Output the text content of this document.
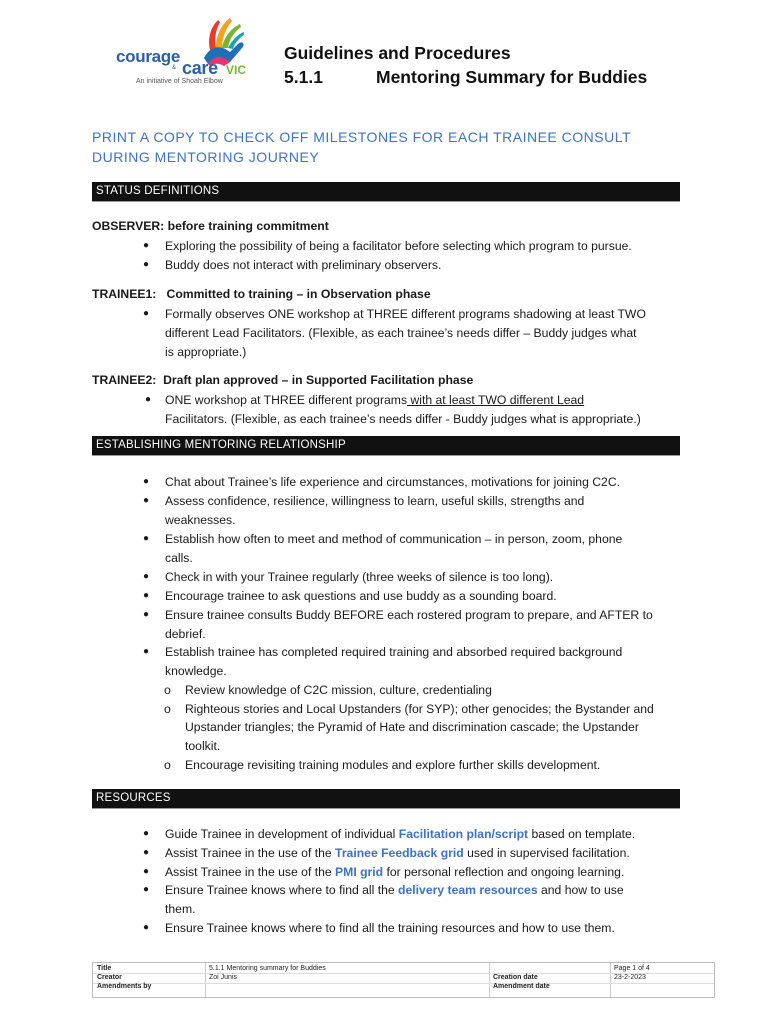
courage
& care VIC
An initiative of Shoah Elbow
Guidelines and Procedures
5.1.1	Mentoring Summary for Buddies
PRINT A COPY TO CHECK OFF MILESTONES FOR EACH TRAINEE CONSULT DURING MENTORING JOURNEY
STATUS DEFINITIONS
OBSERVER: before training commitment
● Exploring the possibility of being a facilitator before selecting which program to pursue.
● Buddy does not interact with preliminary observers.
TRAINEE1: Committed to training – in Observation phase
● Formally observes ONE workshop at THREE different programs shadowing at least TWO
different Lead Facilitators. (Flexible, as each trainee’s needs differ – Buddy judges what
is appropriate.)
TRAINEE2: Draft plan approved – in Supported Facilitation phase
● ONE workshop at THREE different programs with at least TWO different Lead
Facilitators. (Flexible, as each trainee’s needs differ - Buddy judges what is appropriate.)
ESTABLISHING MENTORING RELATIONSHIP
● Chat about Trainee’s life experience and circumstances, motivations for joining C2C.
● Assess confidence, resilience, willingness to learn, useful skills, strengths and
weaknesses.
● Establish how often to meet and method of communication – in person, zoom, phone
calls.
● Check in with your Trainee regularly (three weeks of silence is too long).
● Encourage trainee to ask questions and use buddy as a sounding board.
● Ensure trainee consults Buddy BEFORE each rostered program to prepare, and AFTER to
debrief.
● Establish trainee has completed required training and absorbed required background
knowledge.
o Review knowledge of C2C mission, culture, credentialing
o Righteous stories and Local Upstanders (for SYP); other genocides; the Bystander and
Upstander triangles; the Pyramid of Hate and discrimination cascade; the Upstander
toolkit.
o Encourage revisiting training modules and explore further skills development.
RESOURCES
● Guide Trainee in development of individual Facilitation plan/script based on template.
● Assist Trainee in the use of the Trainee Feedback grid used in supervised facilitation.
● Assist Trainee in the use of the PMI grid for personal reflection and ongoing learning.
● Ensure Trainee knows where to find all the delivery team resources and how to use
them.
● Ensure Trainee knows where to find all the training resources and how to use them.
Title
Creator
Amendments by
5.1.1 Mentoring summary for Buddies
Zoi Junis	Creation date
Amendment date
Page 1 of 4
23-2-2023
